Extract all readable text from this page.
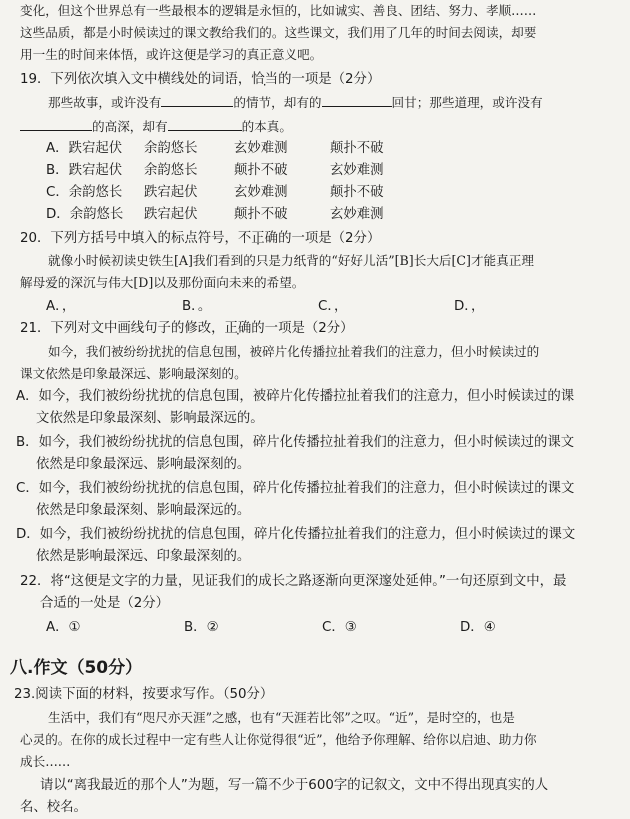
变化，但这个世界总有一些最根本的逻辑是永恒的，比如诚实、善良、团结、努力、孝顺……
这些品质，都是小时候读过的课文教给我们的。这些课文，我们用了几年的时间去阅读，却要
用一生的时间来体悟，或许这便是学习的真正意义吧。
19．下列依次填入文中横线处的词语，恰当的一项是（2分）
那些故事，或许没有	的情节，却有的	回甘；那些道理，或许没有
的高深，却有	的本真。
A．跌宕起伏 余韵悠长	玄妙难测	颠扑不破
B．跌宕起伏 余韵悠长	颠扑不破	玄妙难测
C．余韵悠长 跌宕起伏	玄妙难测	颠扑不破
D．余韵悠长 跌宕起伏	颠扑不破	玄妙难测
20．下列方括号中填入的标点符号，不正确的一项是（2分）
就像小时候初读史铁生[A]我们看到的只是力纸背的“好好儿活”[B]长大后[C]才能真正理
解母爱的深沉与伟大[D]以及那份面向未来的希望。
A．，	B．。	C．，	D．，
21．下列对文中画线句子的修改，正确的一项是（2分）
如今，我们被纷纷扰扰的信息包围，被碎片化传播拉扯着我们的注意力，但小时候读过的
课文依然是印象最深远、影响最深刻的。
A．如今，我们被纷纷扰扰的信息包围，被碎片化传播拉扯着我们的注意力，但小时候读过的课
文依然是印象最深刻、影响最深远的。
B．如今，我们被纷纷扰扰的信息包围，碎片化传播拉扯着我们的注意力，但小时候读过的课文
依然是印象最深远、影响最深刻的。
C．如今，我们被纷纷扰扰的信息包围，碎片化传播拉扯着我们的注意力，但小时候读过的课文
依然是印象最深刻、影响最深远的。
D．如今，我们被纷纷扰扰的信息包围，碎片化传播拉扯着我们的注意力，但小时候读过的课文
依然是影响最深远、印象最深刻的。
22．将“这便是文字的力量，见证我们的成长之路逐渐向更深邃处延伸。”一句还原到文中，最
合适的一处是（2分）
A．①	B．②	C．③	D．④
八.作文（50分）
23.阅读下面的材料，按要求写作。（50分）
生活中，我们有“咫尺亦天涯”之感，也有“天涯若比邻”之叹。“近”，是时空的，也是
心灵的。在你的成长过程中一定有些人让你觉得很“近”，他给予你理解、给你以启迪、助力你
成长……
请以“离我最近的那个人”为题，写一篇不少于600字的记叙文，文中不得出现真实的人
名、校名。
